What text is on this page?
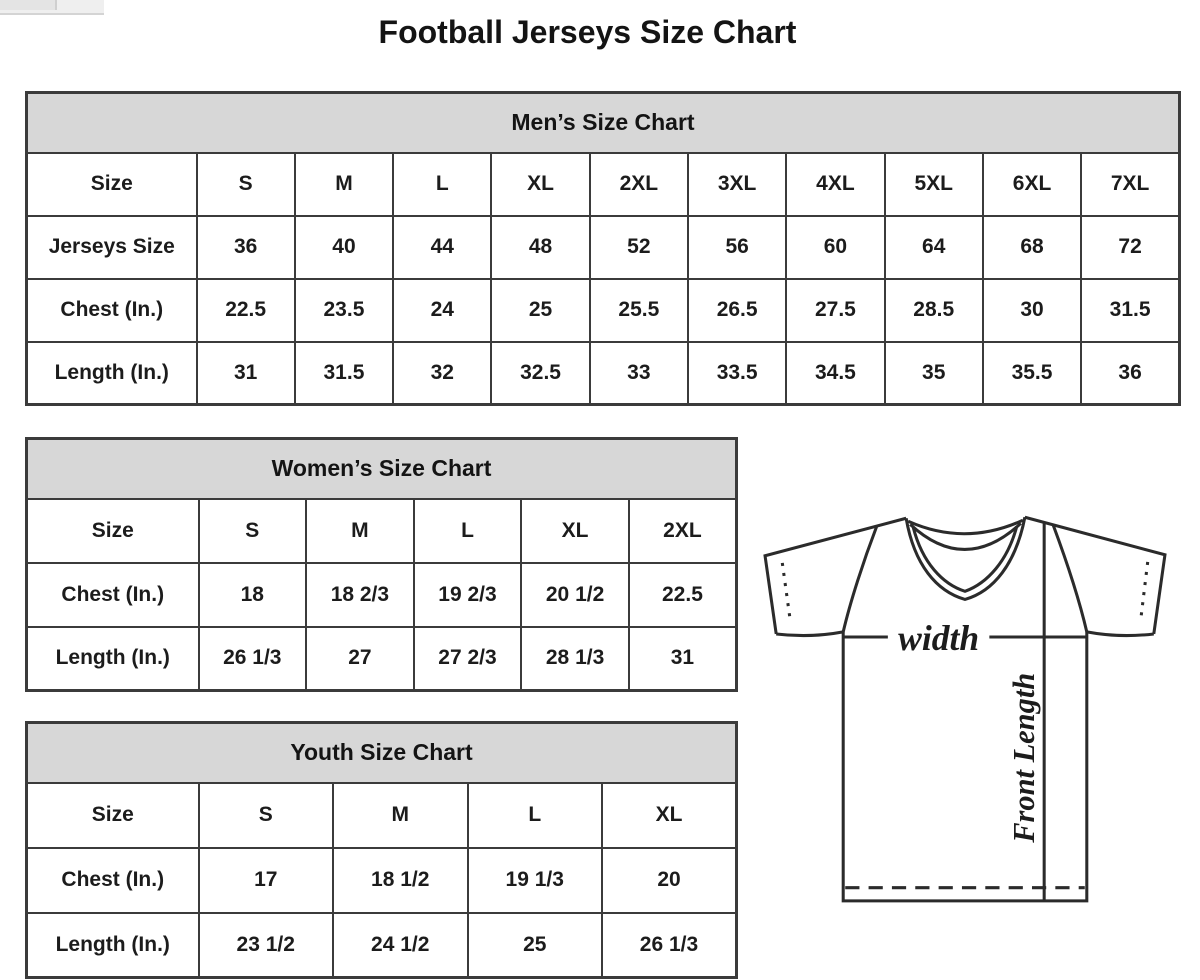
Football Jerseys Size Chart
Men’s Size Chart										
Size	S	M	L	XL	2XL	3XL	4XL	5XL	6XL	7XL
Jerseys Size	36	40	44	48	52	56	60	64	68	72
Chest (In.)	22.5	23.5	24	25	25.5	26.5	27.5	28.5	30	31.5
Length (In.)	31	31.5	32	32.5	33	33.5	34.5	35	35.5	36
Women’s Size Chart					
Size	S	M	L	XL	2XL
Chest (In.)	18	18 2/3	19 2/3	20 1/2	22.5
Length (In.)	26 1/3	27	27 2/3	28 1/3	31
Youth Size Chart				
Size	S	M	L	XL
Chest (In.)	17	18 1/2	19 1/3	20
Length (In.)	23 1/2	24 1/2	25	26 1/3
width
Front Length
